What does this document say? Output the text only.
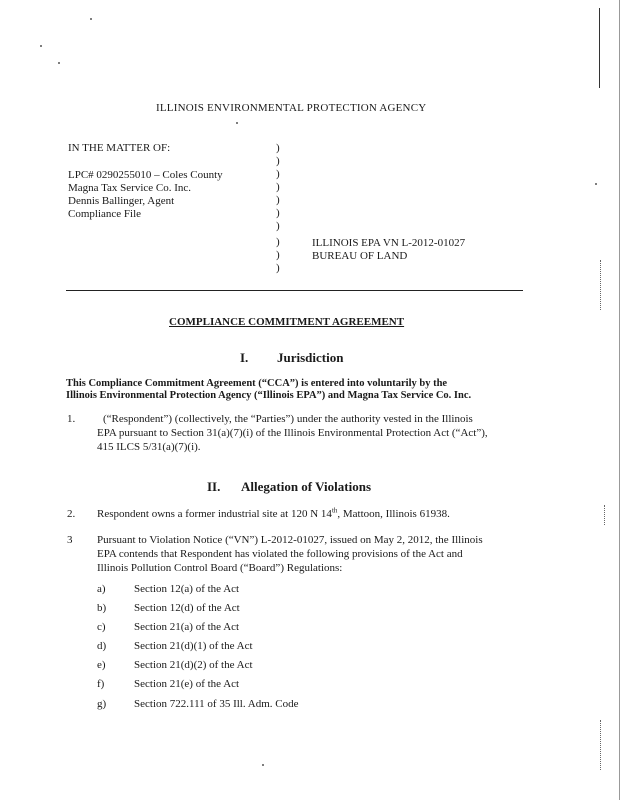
ILLINOIS ENVIRONMENTAL PROTECTION AGENCY
IN THE MATTER OF:
LPC# 0290255010 – Coles County
Magna Tax Service Co. Inc.
Dennis Ballinger, Agent
Compliance File
)
)
)
)
)
)
)
)
)
)
ILLINOIS EPA VN L-2012-01027
BUREAU OF LAND
COMPLIANCE COMMITMENT AGREEMENT
I. Jurisdiction
This Compliance Commitment Agreement (“CCA”) is entered into voluntarily by the
Illinois Environmental Protection Agency (“Illinois EPA”) and Magna Tax Service Co. Inc.
1.	(“Respondent”) (collectively, the “Parties”) under the authority vested in the Illinois
EPA pursuant to Section 31(a)(7)(i) of the Illinois Environmental Protection Act (“Act”),
415 ILCS 5/31(a)(7)(i).
II. Allegation of Violations
2. Respondent owns a former industrial site at 120 N 14th, Mattoon, Illinois 61938.
3 Pursuant to Violation Notice (“VN”) L-2012-01027, issued on May 2, 2012, the Illinois
EPA contends that Respondent has violated the following provisions of the Act and
Illinois Pollution Control Board (“Board”) Regulations:
a)	Section 12(a) of the Act
b)	Section 12(d) of the Act
c)	Section 21(a) of the Act
d)	Section 21(d)(1) of the Act
e)	Section 21(d)(2) of the Act
f)	Section 21(e) of the Act
g)	Section 722.111 of 35 Ill. Adm. Code
